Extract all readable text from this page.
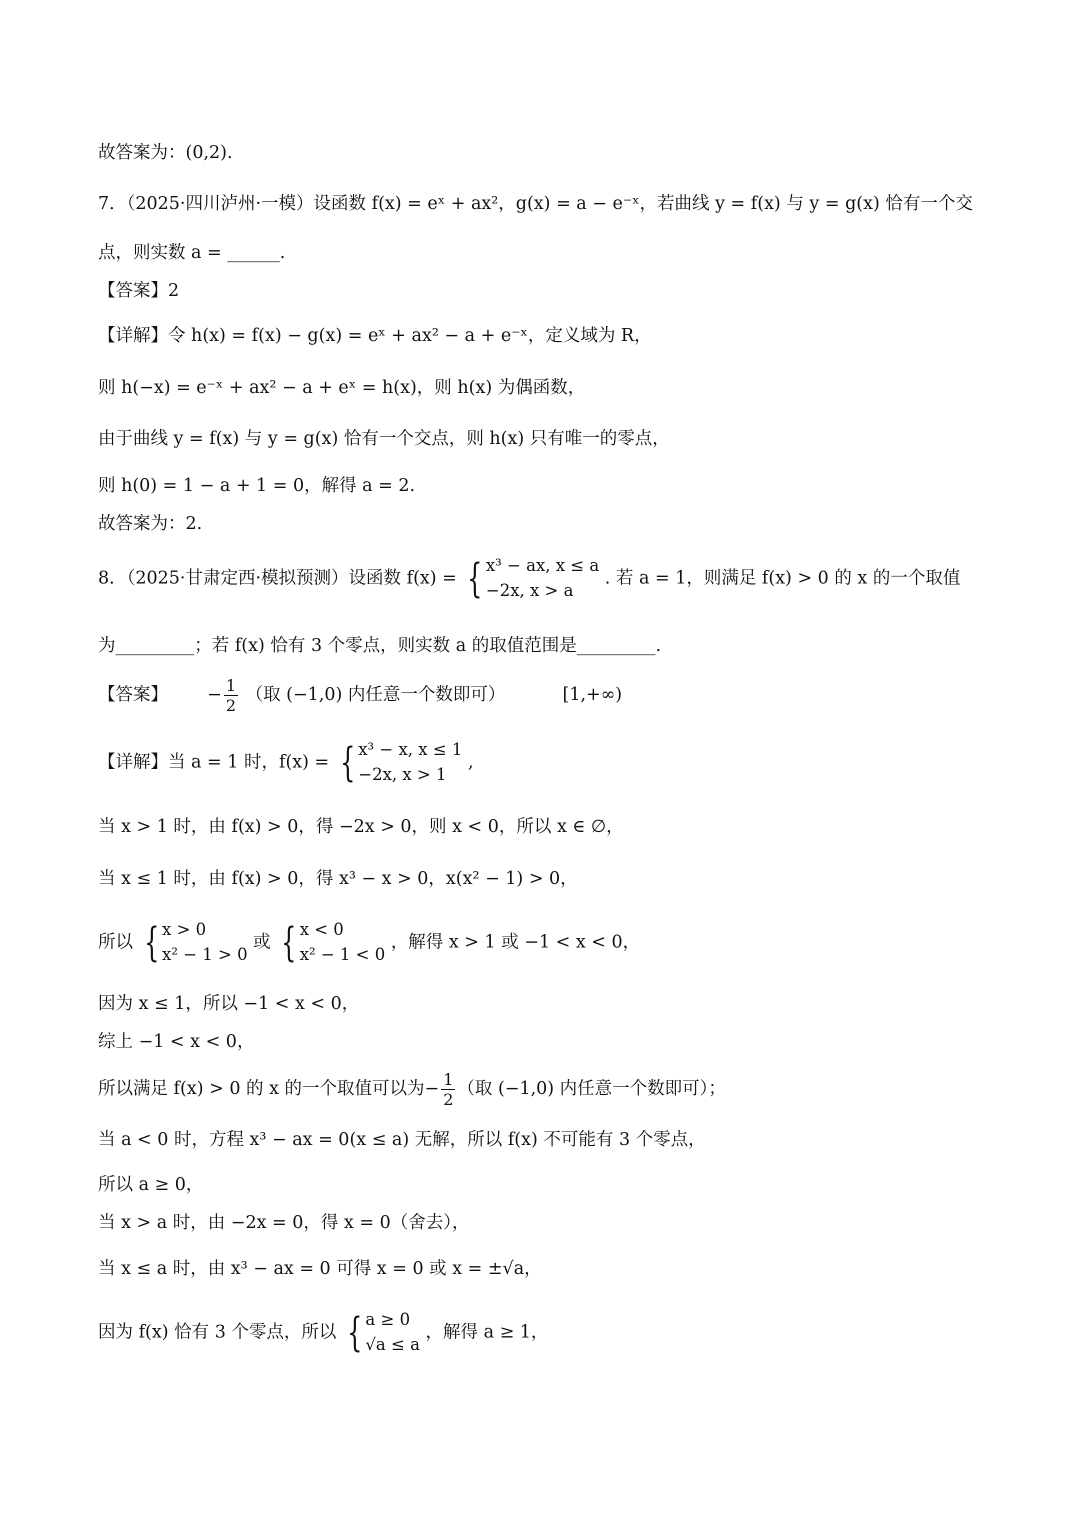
故答案为：(0,2).
7．（2025·四川泸州·一模）设函数 f(x) = eˣ + ax²，g(x) = a − e⁻ˣ，若曲线 y = f(x) 与 y = g(x) 恰有一个交
点，则实数 a = ______.
【答案】2
【详解】令 h(x) = f(x) − g(x) = eˣ + ax² − a + e⁻ˣ，定义域为 R，
则 h(−x) = e⁻ˣ + ax² − a + eˣ = h(x)，则 h(x) 为偶函数，
由于曲线 y = f(x) 与 y = g(x) 恰有一个交点，则 h(x) 只有唯一的零点，
则 h(0) = 1 − a + 1 = 0，解得 a = 2.
故答案为：2.
8．（2025·甘肃定西·模拟预测）设函数 f(x) = { x³ − ax, x ≤ a
−2x, x > a
. 若 a = 1，则满足 f(x) > 0 的 x 的一个取值
为_________；若 f(x) 恰有 3 个零点，则实数 a 的取值范围是_________.
【答案】 − $\frac{1}{2}$ （取 (−1,0) 内任意一个数即可）	[1,+∞)
【详解】当 a = 1 时，f(x) = { x³ − x, x ≤ 1
−2x, x > 1
,
当 x > 1 时，由 f(x) > 0，得 −2x > 0，则 x < 0，所以 x ∈ ∅，
当 x ≤ 1 时，由 f(x) > 0，得 x³ − x > 0，x(x² − 1) > 0，
所以 { x > 0
x² − 1 > 0
或 { x < 0
x² − 1 < 0
，解得 x > 1 或 −1 < x < 0，
因为 x ≤ 1，所以 −1 < x < 0，
综上 −1 < x < 0，
所以满足 f(x) > 0 的 x 的一个取值可以为− $\frac{1}{2}$ （取 (−1,0) 内任意一个数即可）；
当 a < 0 时，方程 x³ − ax = 0(x ≤ a) 无解，所以 f(x) 不可能有 3 个零点，
所以 a ≥ 0，
当 x > a 时，由 −2x = 0，得 x = 0（舍去），
当 x ≤ a 时，由 x³ − ax = 0 可得 x = 0 或 x = ±√a，
因为 f(x) 恰有 3 个零点，所以 { a ≥ 0
√a ≤ a
，解得 a ≥ 1，
